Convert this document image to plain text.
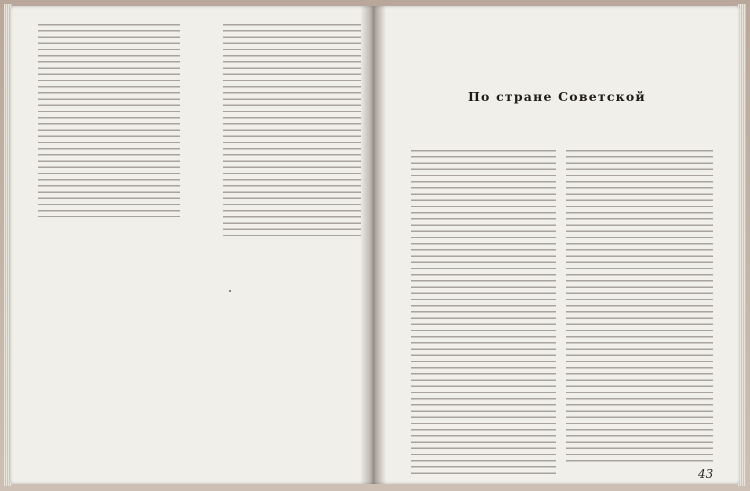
По стране Советской
43
